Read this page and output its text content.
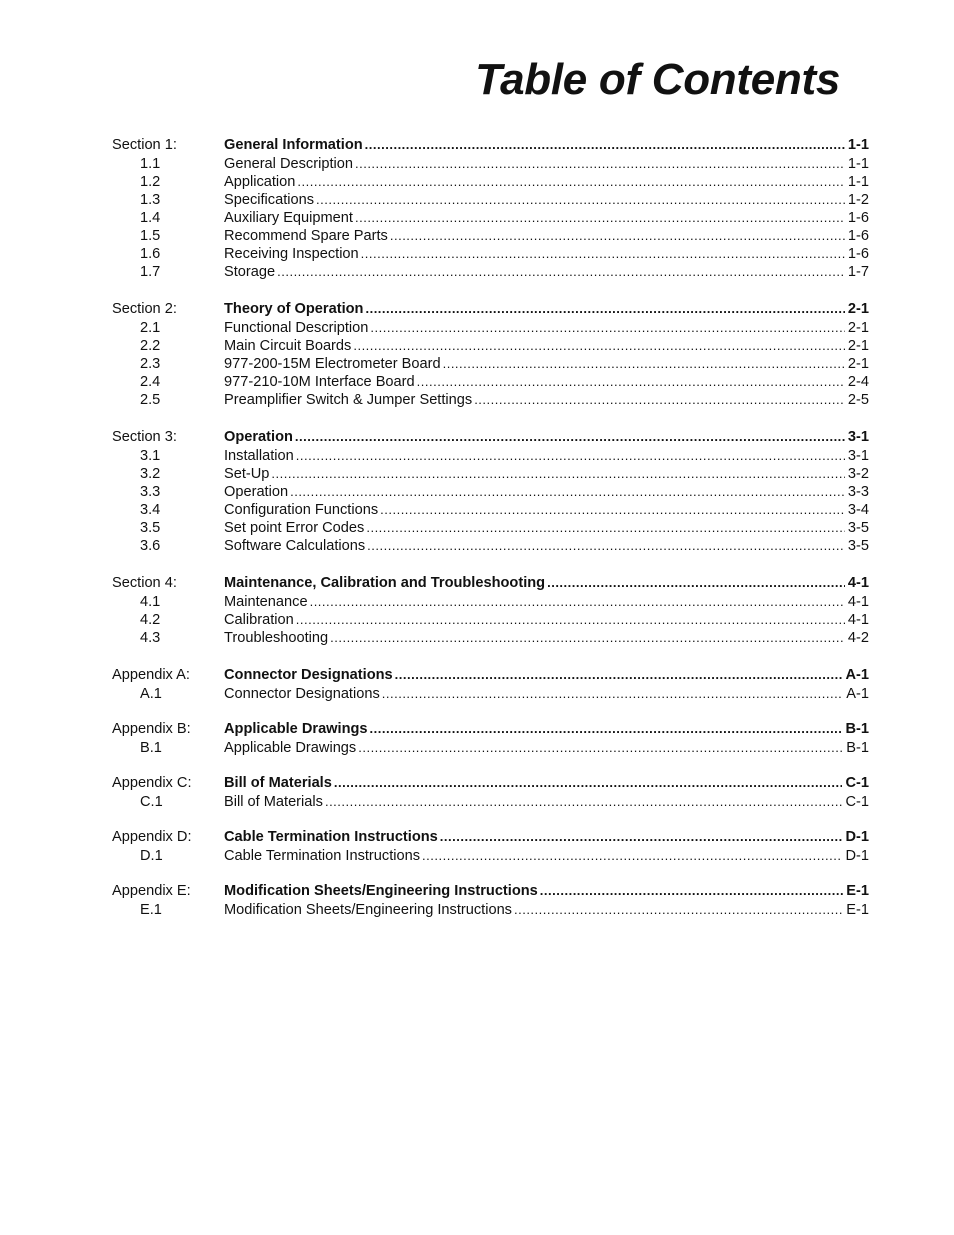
Table of Contents
Section 1:	General Information .....	1-1
1.1	General Description .....	1-1
1.2	Application .....	1-1
1.3	Specifications .....	1-2
1.4	Auxiliary Equipment .....	1-6
1.5	Recommend Spare Parts .....	1-6
1.6	Receiving Inspection .....	1-6
1.7	Storage .....	1-7
Section 2:	Theory of Operation .....	2-1
2.1	Functional Description .....	2-1
2.2	Main Circuit Boards .....	2-1
2.3	977-200-15M Electrometer Board .....	2-1
2.4	977-210-10M Interface Board .....	2-4
2.5	Preamplifier Switch & Jumper Settings .....	2-5
Section 3:	Operation .....	3-1
3.1	Installation .....	3-1
3.2	Set-Up .....	3-2
3.3	Operation .....	3-3
3.4	Configuration Functions .....	3-4
3.5	Set point Error Codes .....	3-5
3.6	Software Calculations .....	3-5
Section 4:	Maintenance, Calibration and Troubleshooting .....	4-1
4.1	Maintenance .....	4-1
4.2	Calibration .....	4-1
4.3	Troubleshooting .....	4-2
Appendix A:	Connector Designations .....	A-1
A.1	Connector Designations .....	A-1
Appendix B:	Applicable Drawings .....	B-1
B.1	Applicable Drawings .....	B-1
Appendix C:	Bill of Materials .....	C-1
C.1	Bill of Materials .....	C-1
Appendix D:	Cable Termination Instructions .....	D-1
D.1	Cable Termination Instructions .....	D-1
Appendix E:	Modification Sheets/Engineering Instructions .....	E-1
E.1	Modification Sheets/Engineering Instructions .....	E-1
